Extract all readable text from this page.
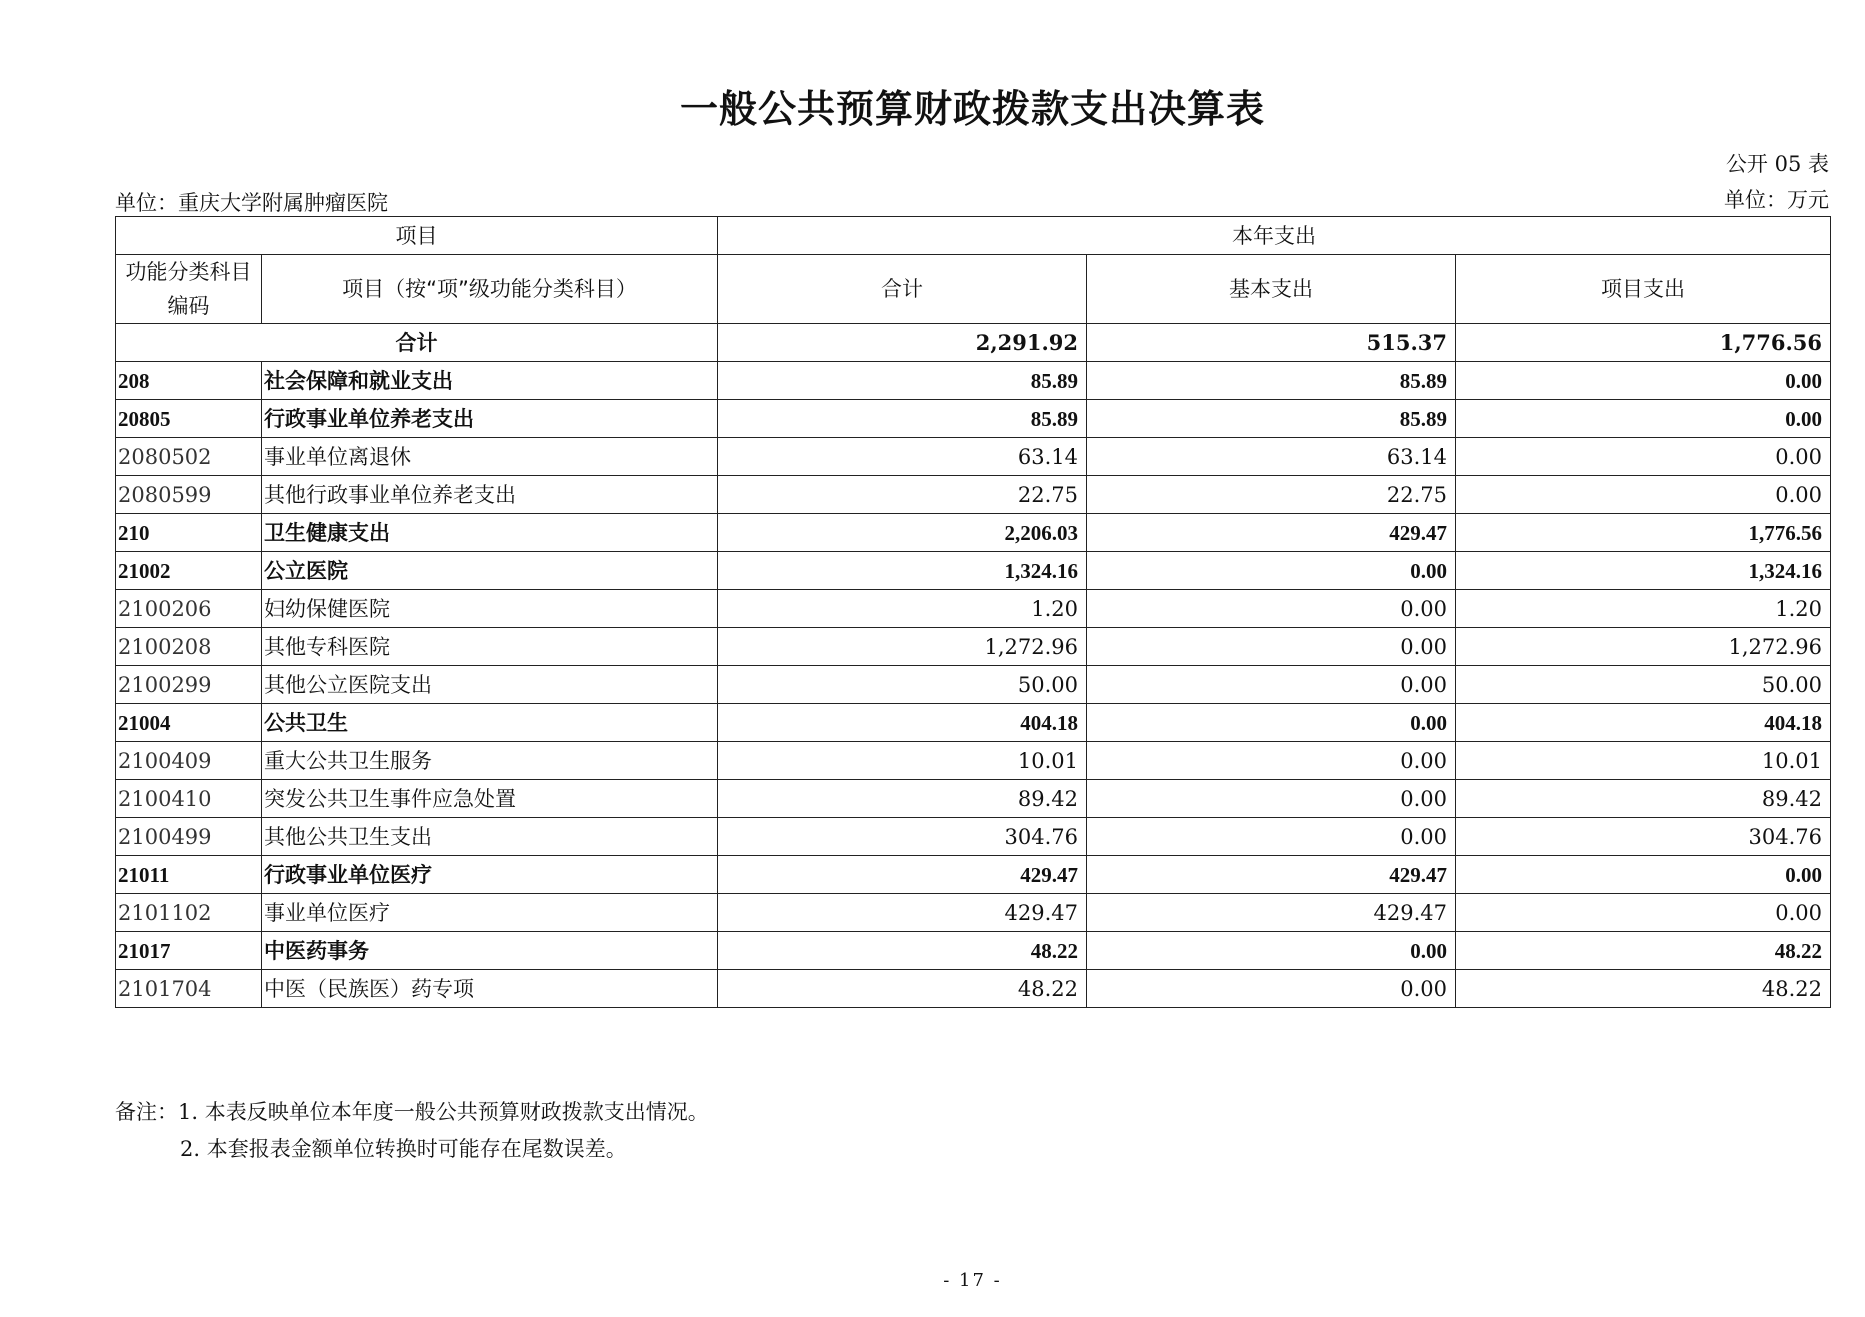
一般公共预算财政拨款支出决算表
公开 05 表
单位：重庆大学附属肿瘤医院	单位：万元
项目		本年支出		
功能分类科目编码	项目（按“项”级功能分类科目）	合计	基本支出	项目支出
合计		2,291.92	515.37	1,776.56
208	社会保障和就业支出	85.89	85.89	0.00
20805	行政事业单位养老支出	85.89	85.89	0.00
2080502	事业单位离退休	63.14	63.14	0.00
2080599	其他行政事业单位养老支出	22.75	22.75	0.00
210	卫生健康支出	2,206.03	429.47	1,776.56
21002	公立医院	1,324.16	0.00	1,324.16
2100206	妇幼保健医院	1.20	0.00	1.20
2100208	其他专科医院	1,272.96	0.00	1,272.96
2100299	其他公立医院支出	50.00	0.00	50.00
21004	公共卫生	404.18	0.00	404.18
2100409	重大公共卫生服务	10.01	0.00	10.01
2100410	突发公共卫生事件应急处置	89.42	0.00	89.42
2100499	其他公共卫生支出	304.76	0.00	304.76
21011	行政事业单位医疗	429.47	429.47	0.00
2101102	事业单位医疗	429.47	429.47	0.00
21017	中医药事务	48.22	0.00	48.22
2101704	中医（民族医）药专项	48.22	0.00	48.22
备注：1. 本表反映单位本年度一般公共预算财政拨款支出情况。
2. 本套报表金额单位转换时可能存在尾数误差。
- 17 -
